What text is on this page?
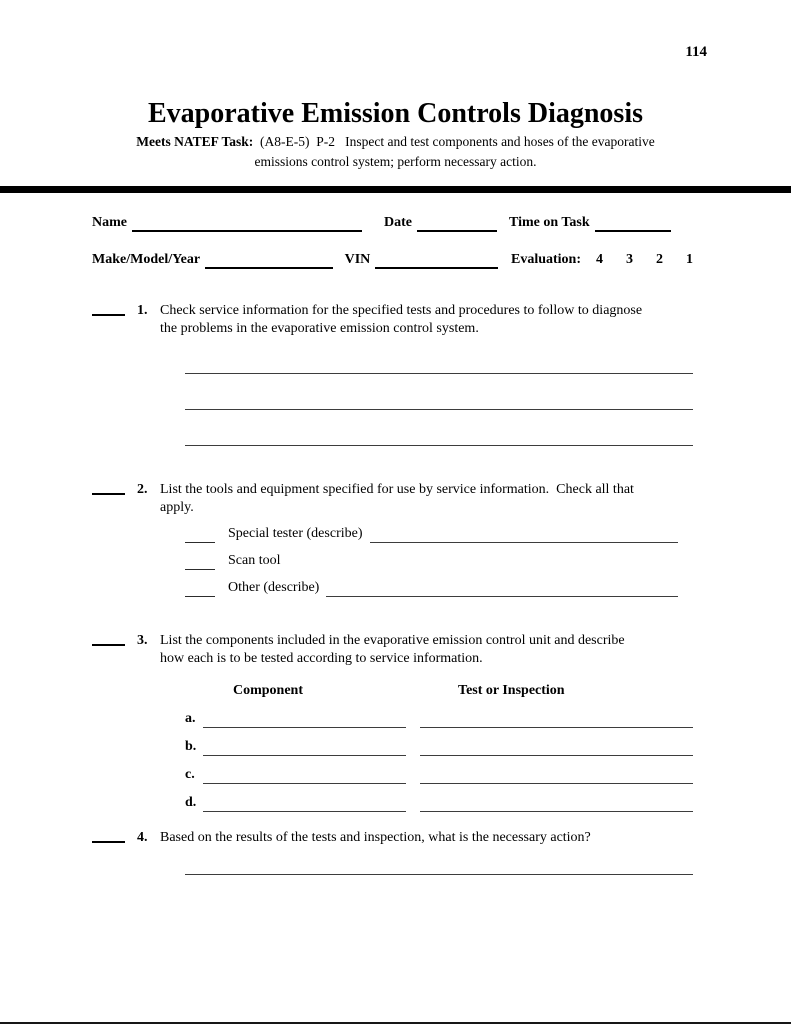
114
Evaporative Emission Controls Diagnosis
Meets NATEF Task:  (A8-E-5)  P-2   Inspect and test components and hoses of the evaporative
emissions control system; perform necessary action.
Name	Date	Time on Task
Make/Model/Year	VIN	Evaluation: 4 3 2 1
1. Check service information for the specified tests and procedures to follow to diagnose
the problems in the evaporative emission control system.
2. List the tools and equipment specified for use by service information.  Check all that
apply.
Special tester (describe)
Scan tool
Other (describe)
3. List the components included in the evaporative emission control unit and describe
how each is to be tested according to service information.
Component	Test or Inspection
a.
b.
c.
d.
4. Based on the results of the tests and inspection, what is the necessary action?
